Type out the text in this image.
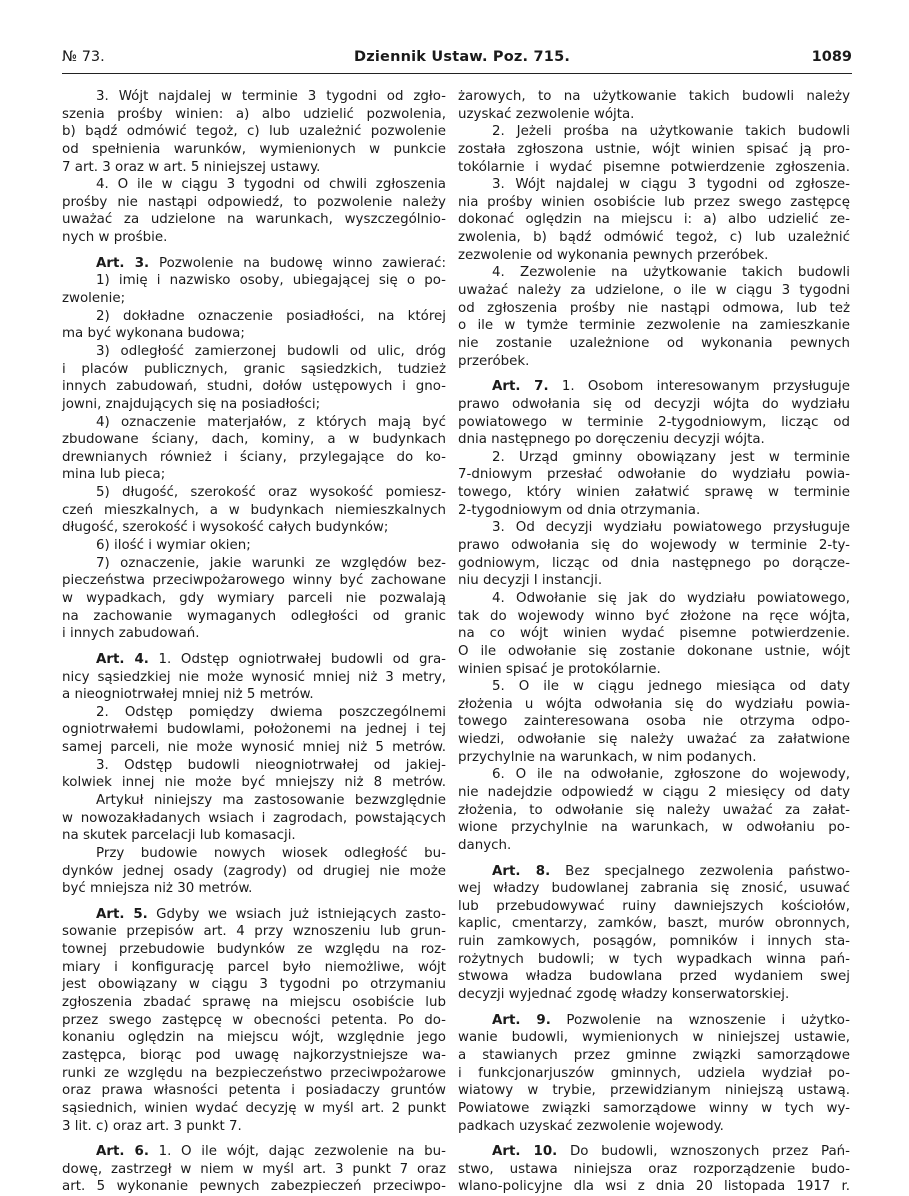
№ 73.	Dziennik Ustaw. Poz. 715.	1089
3. Wójt najdalej w terminie 3 tygodni od zgło-
szenia prośby winien: a) albo udzielić pozwolenia,
b) bądź odmówić tegoż, c) lub uzależnić pozwolenie
od spełnienia warunków, wymienionych w punkcie
7 art. 3 oraz w art. 5 niniejszej ustawy.
4. O ile w ciągu 3 tygodni od chwili zgłoszenia
prośby nie nastąpi odpowiedź, to pozwolenie należy
uważać za udzielone na warunkach, wyszczególnio-
nych w prośbie.
Art. 3. Pozwolenie na budowę winno zawierać:
1) imię i nazwisko osoby, ubiegającej się o po-
zwolenie;
2) dokładne oznaczenie posiadłości, na której
ma być wykonana budowa;
3) odległość zamierzonej budowli od ulic, dróg
i placów publicznych, granic sąsiedzkich, tudzież
innych zabudowań, studni, dołów ustępowych i gno-
jowni, znajdujących się na posiadłości;
4) oznaczenie materjałów, z których mają być
zbudowane ściany, dach, kominy, a w budynkach
drewnianych również i ściany, przylegające do ko-
mina lub pieca;
5) długość, szerokość oraz wysokość pomiesz-
czeń mieszkalnych, a w budynkach niemieszkalnych
długość, szerokość i wysokość całych budynków;
6) ilość i wymiar okien;
7) oznaczenie, jakie warunki ze względów bez-
pieczeństwa przeciwpożarowego winny być zachowane
w wypadkach, gdy wymiary parceli nie pozwalają
na zachowanie wymaganych odległości od granic
i innych zabudowań.
Art. 4. 1. Odstęp ogniotrwałej budowli od gra-
nicy sąsiedzkiej nie może wynosić mniej niż 3 metry,
a nieogniotrwałej mniej niż 5 metrów.
2. Odstęp pomiędzy dwiema poszczególnemi
ogniotrwałemi budowlami, położonemi na jednej i tej
samej parceli, nie może wynosić mniej niż 5 metrów.
3. Odstęp budowli nieogniotrwałej od jakiej-
kolwiek innej nie może być mniejszy niż 8 metrów.
Artykuł niniejszy ma zastosowanie bezwzględnie
w nowozakładanych wsiach i zagrodach, powstających
na skutek parcelacji lub komasacji.
Przy budowie nowych wiosek odległość bu-
dynków jednej osady (zagrody) od drugiej nie może
być mniejsza niż 30 metrów.
Art. 5. Gdyby we wsiach już istniejących zasto-
sowanie przepisów art. 4 przy wznoszeniu lub grun-
townej przebudowie budynków ze względu na roz-
miary i konfigurację parcel było niemożliwe, wójt
jest obowiązany w ciągu 3 tygodni po otrzymaniu
zgłoszenia zbadać sprawę na miejscu osobiście lub
przez swego zastępcę w obecności petenta. Po do-
konaniu oględzin na miejscu wójt, względnie jego
zastępca, biorąc pod uwagę najkorzystniejsze wa-
runki ze względu na bezpieczeństwo przeciwpożarowe
oraz prawa własności petenta i posiadaczy gruntów
sąsiednich, winien wydać decyzję w myśl art. 2 punkt
3 lit. c) oraz art. 3 punkt 7.
Art. 6. 1. O ile wójt, dając zezwolenie na bu-
dowę, zastrzegł w niem w myśl art. 3 punkt 7 oraz
art. 5 wykonanie pewnych zabezpieczeń przeciwpo-
żarowych, to na użytkowanie takich budowli należy
uzyskać zezwolenie wójta.
2. Jeżeli prośba na użytkowanie takich budowli
została zgłoszona ustnie, wójt winien spisać ją pro-
tokólarnie i wydać pisemne potwierdzenie zgłoszenia.
3. Wójt najdalej w ciągu 3 tygodni od zgłosze-
nia prośby winien osobiście lub przez swego zastępcę
dokonać oględzin na miejscu i: a) albo udzielić ze-
zwolenia, b) bądź odmówić tegoż, c) lub uzależnić
zezwolenie od wykonania pewnych przeróbek.
4. Zezwolenie na użytkowanie takich budowli
uważać należy za udzielone, o ile w ciągu 3 tygodni
od zgłoszenia prośby nie nastąpi odmowa, lub też
o ile w tymże terminie zezwolenie na zamieszkanie
nie zostanie uzależnione od wykonania pewnych
przeróbek.
Art. 7. 1. Osobom interesowanym przysługuje
prawo odwołania się od decyzji wójta do wydziału
powiatowego w terminie 2-tygodniowym, licząc od
dnia następnego po doręczeniu decyzji wójta.
2. Urząd gminny obowiązany jest w terminie
7-dniowym przesłać odwołanie do wydziału powia-
towego, który winien załatwić sprawę w terminie
2-tygodniowym od dnia otrzymania.
3. Od decyzji wydziału powiatowego przysługuje
prawo odwołania się do wojewody w terminie 2-ty-
godniowym, licząc od dnia następnego po dorącze-
niu decyzji I instancji.
4. Odwołanie się jak do wydziału powiatowego,
tak do wojewody winno być złożone na ręce wójta,
na co wójt winien wydać pisemne potwierdzenie.
O ile odwołanie się zostanie dokonane ustnie, wójt
winien spisać je protokólarnie.
5. O ile w ciągu jednego miesiąca od daty
złożenia u wójta odwołania się do wydziału powia-
towego zainteresowana osoba nie otrzyma odpo-
wiedzi, odwołanie się należy uważać za załatwione
przychylnie na warunkach, w nim podanych.
6. O ile na odwołanie, zgłoszone do wojewody,
nie nadejdzie odpowiedź w ciągu 2 miesięcy od daty
złożenia, to odwołanie się należy uważać za załat-
wione przychylnie na warunkach, w odwołaniu po-
danych.
Art. 8. Bez specjalnego zezwolenia państwo-
wej władzy budowlanej zabrania się znosić, usuwać
lub przebudowywać ruiny dawniejszych kościołów,
kaplic, cmentarzy, zamków, baszt, murów obronnych,
ruin zamkowych, posągów, pomników i innych sta-
rożytnych budowli; w tych wypadkach winna pań-
stwowa władza budowlana przed wydaniem swej
decyzji wyjednać zgodę władzy konserwatorskiej.
Art. 9. Pozwolenie na wznoszenie i użytko-
wanie budowli, wymienionych w niniejszej ustawie,
a stawianych przez gminne związki samorządowe
i funkcjonarjuszów gminnych, udziela wydział po-
wiatowy w trybie, przewidzianym niniejszą ustawą.
Powiatowe związki samorządowe winny w tych wy-
padkach uzyskać zezwolenie wojewody.
Art. 10. Do budowli, wznoszonych przez Pań-
stwo, ustawa niniejsza oraz rozporządzenie budo-
wlano-policyjne dla wsi z dnia 20 listopada 1917 r.
